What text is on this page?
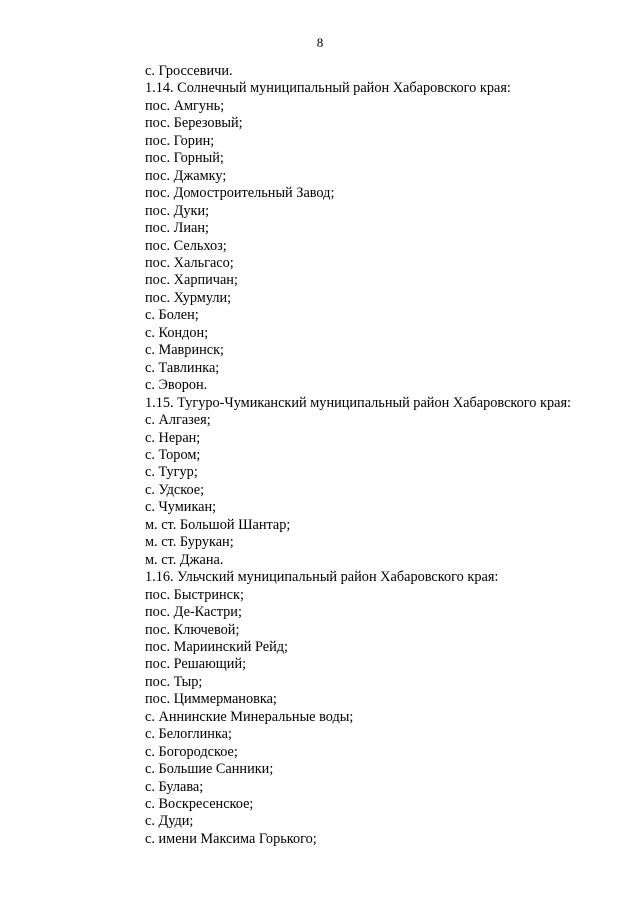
8
с. Гроссевичи.
1.14. Солнечный муниципальный район Хабаровского края:
пос. Амгунь;
пос. Березовый;
пос. Горин;
пос. Горный;
пос. Джамку;
пос. Домостроительный Завод;
пос. Дуки;
пос. Лиан;
пос. Сельхоз;
пос. Хальгасо;
пос. Харпичан;
пос. Хурмули;
с. Болен;
с. Кондон;
с. Мавринск;
с. Тавлинка;
с. Эворон.
1.15. Тугуро-Чумиканский муниципальный район Хабаровского края:
с. Алгазея;
с. Неран;
с. Тором;
с. Тугур;
с. Удское;
с. Чумикан;
м. ст. Большой Шантар;
м. ст. Бурукан;
м. ст. Джана.
1.16. Ульчский муниципальный район Хабаровского края:
пос. Быстринск;
пос. Де-Кастри;
пос. Ключевой;
пос. Мариинский Рейд;
пос. Решающий;
пос. Тыр;
пос. Циммермановка;
с. Аннинские Минеральные воды;
с. Белоглинка;
с. Богородское;
с. Большие Санники;
с. Булава;
с. Воскресенское;
с. Дуди;
с. имени Максима Горького;
